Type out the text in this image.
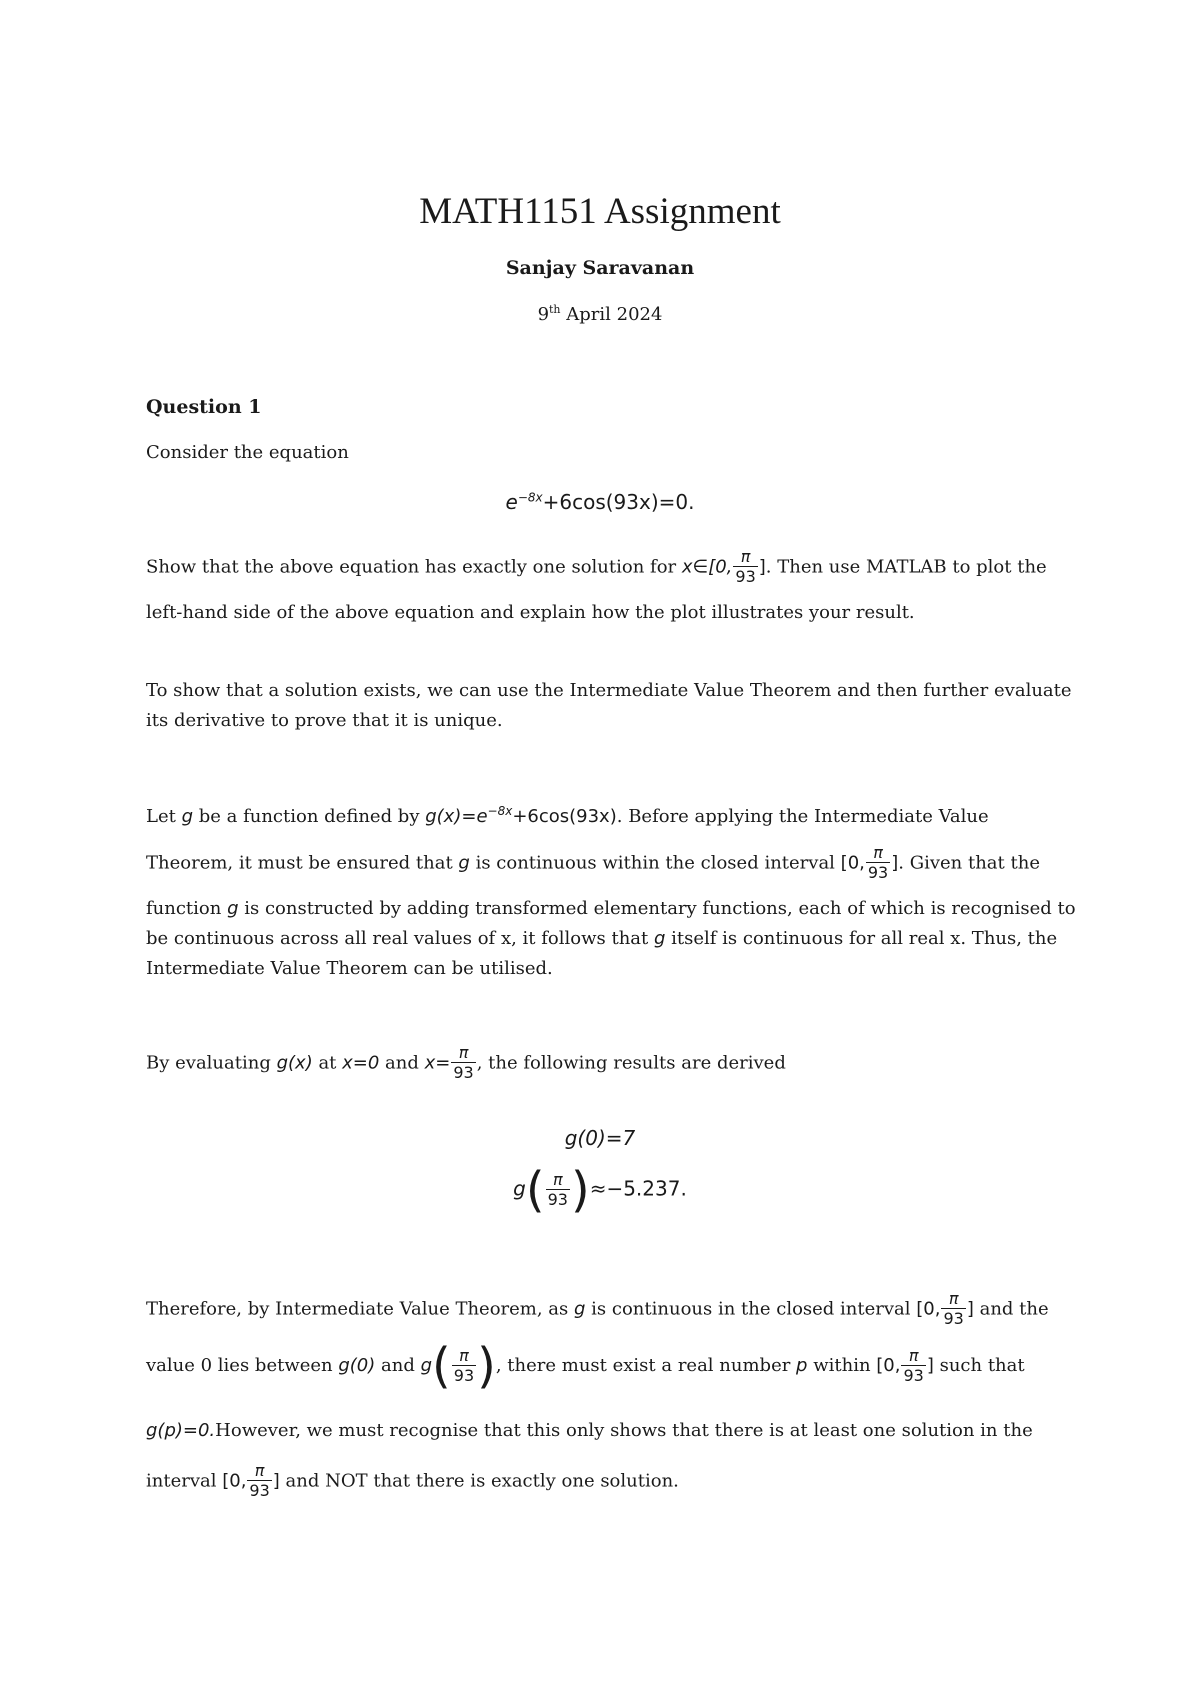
MATH1151 Assignment
Sanjay Saravanan
9th April 2024
Question 1
Consider the equation
$e^{-8x}+6\cos(93x)=0$.
Show that the above equation has exactly one solution for x∈[0, $\frac{\pi}{93}$ ]. Then use MATLAB to plot the
left-hand side of the above equation and explain how the plot illustrates your result.
To show that a solution exists, we can use the Intermediate Value Theorem and then further evaluate
its derivative to prove that it is unique.
Let g be a function defined by $g(x)=e^{-8x}+6\cos(93x)$. Before applying the Intermediate Value
Theorem, it must be ensured that g is continuous within the closed interval [0, $\frac{\pi}{93}$ ]. Given that the
function g is constructed by adding transformed elementary functions, each of which is recognised to
be continuous across all real values of x, it follows that g itself is continuous for all real x. Thus, the
Intermediate Value Theorem can be utilised.
By evaluating g(x) at x=0 and $x= \frac{\pi}{93}$ , the following results are derived
g(0)=7
$g( \frac{\pi}{93} )\approx-5.237$.
Therefore, by Intermediate Value Theorem, as g is continuous in the closed interval [0, $\frac{\pi}{93}$ ] and the
value 0 lies between g(0) and $g( \frac{\pi}{93}$ ), there must exist a real number p within [0, $\frac{\pi}{93}$ ] such that
g(p)=0.However, we must recognise that this only shows that there is at least one solution in the
interval [0, $\frac{\pi}{93}$ ] and NOT that there is exactly one solution.
